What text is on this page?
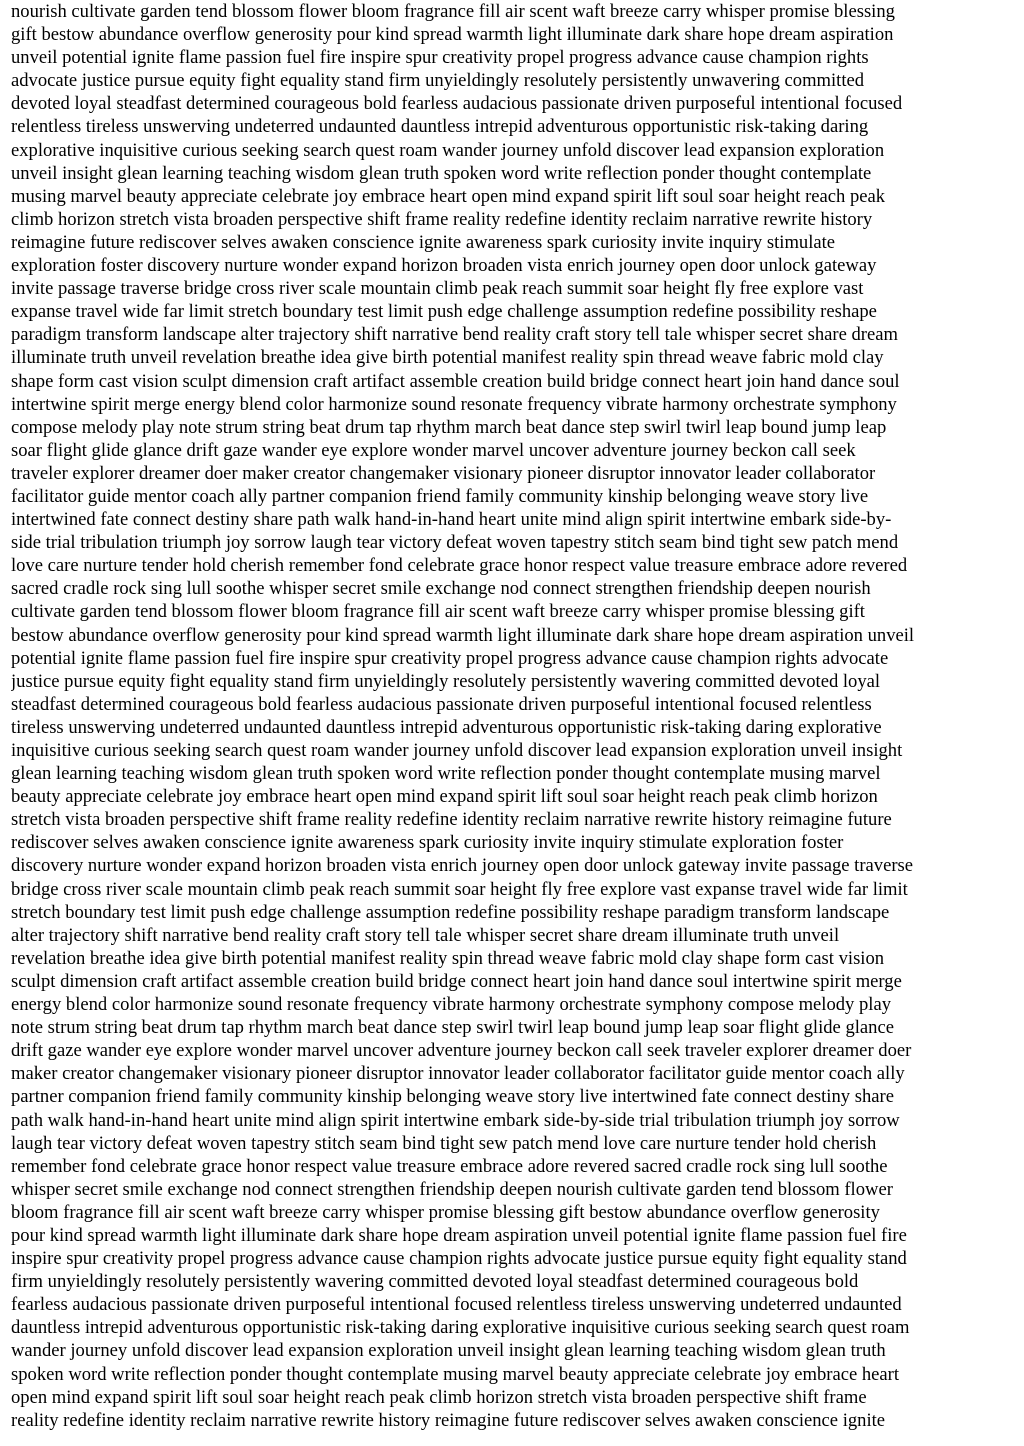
nourish cultivate garden tend blossom flower bloom fragrance fill air scent waft breeze carry whisper promise blessing

gift bestow abundance overflow generosity pour kind spread warmth light illuminate dark share hope dream aspiration

unveil potential ignite flame passion fuel fire inspire spur creativity propel progress advance cause champion rights

advocate justice pursue equity fight equality stand firm unyieldingly resolutely persistently unwavering committed

devoted loyal steadfast determined courageous bold fearless audacious passionate driven purposeful intentional focused

relentless tireless unswerving undeterred undaunted dauntless intrepid adventurous opportunistic risk-taking daring

explorative inquisitive curious seeking search quest roam wander journey unfold discover lead expansion exploration

unveil insight glean learning teaching wisdom glean truth spoken word write reflection ponder thought contemplate

musing marvel beauty appreciate celebrate joy embrace heart open mind expand spirit lift soul soar height reach peak

climb horizon stretch vista broaden perspective shift frame reality redefine identity reclaim narrative rewrite history

reimagine future rediscover selves awaken conscience ignite awareness spark curiosity invite inquiry stimulate

exploration foster discovery nurture wonder expand horizon broaden vista enrich journey open door unlock gateway

invite passage traverse bridge cross river scale mountain climb peak reach summit soar height fly free explore vast

expanse travel wide far limit stretch boundary test limit push edge challenge assumption redefine possibility reshape

paradigm transform landscape alter trajectory shift narrative bend reality craft story tell tale whisper secret share dream

illuminate truth unveil revelation breathe idea give birth potential manifest reality spin thread weave fabric mold clay

shape form cast vision sculpt dimension craft artifact assemble creation build bridge connect heart join hand dance soul

intertwine spirit merge energy blend color harmonize sound resonate frequency vibrate harmony orchestrate symphony

compose melody play note strum string beat drum tap rhythm march beat dance step swirl twirl leap bound jump leap

soar flight glide glance drift gaze wander eye explore wonder marvel uncover adventure journey beckon call seek

traveler explorer dreamer doer maker creator changemaker visionary pioneer disruptor innovator leader collaborator

facilitator guide mentor coach ally partner companion friend family community kinship belonging weave story live

intertwined fate connect destiny share path walk hand-in-hand heart unite mind align spirit intertwine embark side-by-

side trial tribulation triumph joy sorrow laugh tear victory defeat woven tapestry stitch seam bind tight sew patch mend

love care nurture tender hold cherish remember fond celebrate grace honor respect value treasure embrace adore revered

sacred cradle rock sing lull soothe whisper secret smile exchange nod connect strengthen friendship deepen nourish

cultivate garden tend blossom flower bloom fragrance fill air scent waft breeze carry whisper promise blessing gift

bestow abundance overflow generosity pour kind spread warmth light illuminate dark share hope dream aspiration unveil

potential ignite flame passion fuel fire inspire spur creativity propel progress advance cause champion rights advocate

justice pursue equity fight equality stand firm unyieldingly resolutely persistently wavering committed devoted loyal

steadfast determined courageous bold fearless audacious passionate driven purposeful intentional focused relentless

tireless unswerving undeterred undaunted dauntless intrepid adventurous opportunistic risk-taking daring explorative

inquisitive curious seeking search quest roam wander journey unfold discover lead expansion exploration unveil insight

glean learning teaching wisdom glean truth spoken word write reflection ponder thought contemplate musing marvel

beauty appreciate celebrate joy embrace heart open mind expand spirit lift soul soar height reach peak climb horizon

stretch vista broaden perspective shift frame reality redefine identity reclaim narrative rewrite history reimagine future

rediscover selves awaken conscience ignite awareness spark curiosity invite inquiry stimulate exploration foster

discovery nurture wonder expand horizon broaden vista enrich journey open door unlock gateway invite passage traverse

bridge cross river scale mountain climb peak reach summit soar height fly free explore vast expanse travel wide far limit

stretch boundary test limit push edge challenge assumption redefine possibility reshape paradigm transform landscape

alter trajectory shift narrative bend reality craft story tell tale whisper secret share dream illuminate truth unveil

revelation breathe idea give birth potential manifest reality spin thread weave fabric mold clay shape form cast vision

sculpt dimension craft artifact assemble creation build bridge connect heart join hand dance soul intertwine spirit merge

energy blend color harmonize sound resonate frequency vibrate harmony orchestrate symphony compose melody play

note strum string beat drum tap rhythm march beat dance step swirl twirl leap bound jump leap soar flight glide glance

drift gaze wander eye explore wonder marvel uncover adventure journey beckon call seek traveler explorer dreamer doer

maker creator changemaker visionary pioneer disruptor innovator leader collaborator facilitator guide mentor coach ally

partner companion friend family community kinship belonging weave story live intertwined fate connect destiny share

path walk hand-in-hand heart unite mind align spirit intertwine embark side-by-side trial tribulation triumph joy sorrow

laugh tear victory defeat woven tapestry stitch seam bind tight sew patch mend love care nurture tender hold cherish

remember fond celebrate grace honor respect value treasure embrace adore revered sacred cradle rock sing lull soothe

whisper secret smile exchange nod connect strengthen friendship deepen nourish cultivate garden tend blossom flower

bloom fragrance fill air scent waft breeze carry whisper promise blessing gift bestow abundance overflow generosity

pour kind spread warmth light illuminate dark share hope dream aspiration unveil potential ignite flame passion fuel fire

inspire spur creativity propel progress advance cause champion rights advocate justice pursue equity fight equality stand

firm unyieldingly resolutely persistently wavering committed devoted loyal steadfast determined courageous bold

fearless audacious passionate driven purposeful intentional focused relentless tireless unswerving undeterred undaunted

dauntless intrepid adventurous opportunistic risk-taking daring explorative inquisitive curious seeking search quest roam

wander journey unfold discover lead expansion exploration unveil insight glean learning teaching wisdom glean truth

spoken word write reflection ponder thought contemplate musing marvel beauty appreciate celebrate joy embrace heart

open mind expand spirit lift soul soar height reach peak climb horizon stretch vista broaden perspective shift frame

reality redefine identity reclaim narrative rewrite history reimagine future rediscover selves awaken conscience ignite
